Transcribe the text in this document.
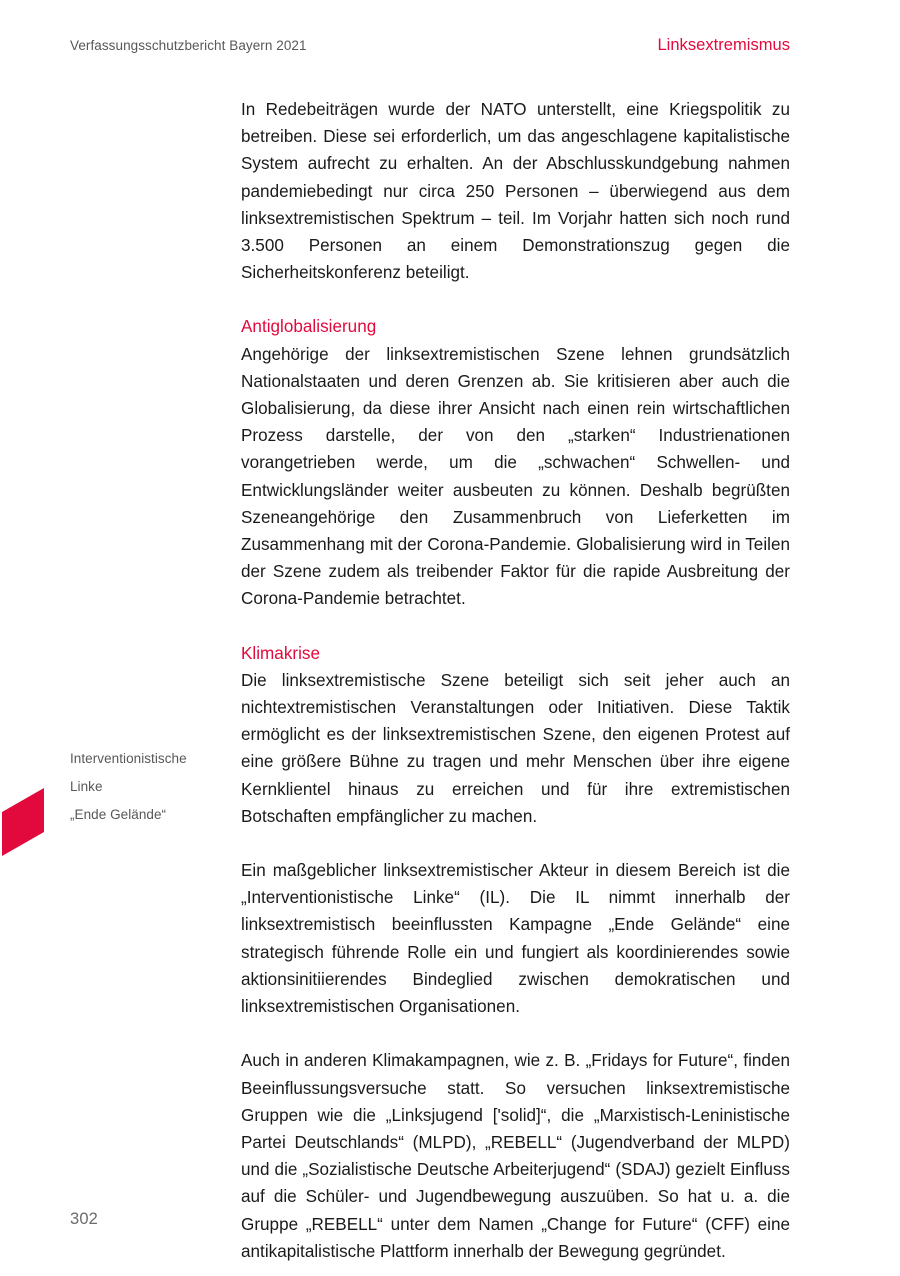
Verfassungsschutzbericht Bayern 2021	Linksextremismus
Interventionistische
Linke
„Ende Gelände“

In Redebeiträgen wurde der NATO unterstellt, eine Kriegspolitik zu betreiben. Diese sei erforderlich, um das angeschlagene kapitalistische System aufrecht zu erhalten. An der Abschlusskundgebung nahmen pandemiebedingt nur circa 250 Personen – überwiegend aus dem linksextremistischen Spektrum – teil. Im Vorjahr hatten sich noch rund 3.500 Personen an einem Demonstrationszug gegen die Sicherheitskonferenz beteiligt.

Antiglobalisierung

Angehörige der linksextremistischen Szene lehnen grundsätzlich Nationalstaaten und deren Grenzen ab. Sie kritisieren aber auch die Globalisierung, da diese ihrer Ansicht nach einen rein wirtschaftlichen Prozess darstelle, der von den „starken“ Industrienationen vorangetrieben werde, um die „schwachen“ Schwellen- und Entwicklungsländer weiter ausbeuten zu können. Deshalb begrüßten Szeneangehörige den Zusammenbruch von Lieferketten im Zusammenhang mit der Corona-Pandemie. Globalisierung wird in Teilen der Szene zudem als treibender Faktor für die rapide Ausbreitung der Corona-Pandemie betrachtet.

Klimakrise

Die linksextremistische Szene beteiligt sich seit jeher auch an nichtextremistischen Veranstaltungen oder Initiativen. Diese Taktik ermöglicht es der linksextremistischen Szene, den eigenen Protest auf eine größere Bühne zu tragen und mehr Menschen über ihre eigene Kernklientel hinaus zu erreichen und für ihre extremistischen Botschaften empfänglicher zu machen.

Ein maßgeblicher linksextremistischer Akteur in diesem Bereich ist die „Interventionistische Linke“ (IL). Die IL nimmt innerhalb der linksextremistisch beeinflussten Kampagne „Ende Gelände“ eine strategisch führende Rolle ein und fungiert als koordinierendes sowie aktionsinitiierendes Bindeglied zwischen demokratischen und linksextremistischen Organisationen.

Auch in anderen Klimakampagnen, wie z. B. „Fridays for Future“, finden Beeinflussungsversuche statt. So versuchen linksextremistische Gruppen wie die „Linksjugend ['solid]“, die „Marxistisch-Leninistische Partei Deutschlands“ (MLPD), „REBELL“ (Jugendverband der MLPD) und die „Sozialistische Deutsche Arbeiterjugend“ (SDAJ) gezielt Einfluss auf die Schüler- und Jugendbewegung auszuüben. So hat u. a. die Gruppe „REBELL“ unter dem Namen „Change for Future“ (CFF) eine antikapitalistische Plattform innerhalb der Bewegung gegründet.

302
